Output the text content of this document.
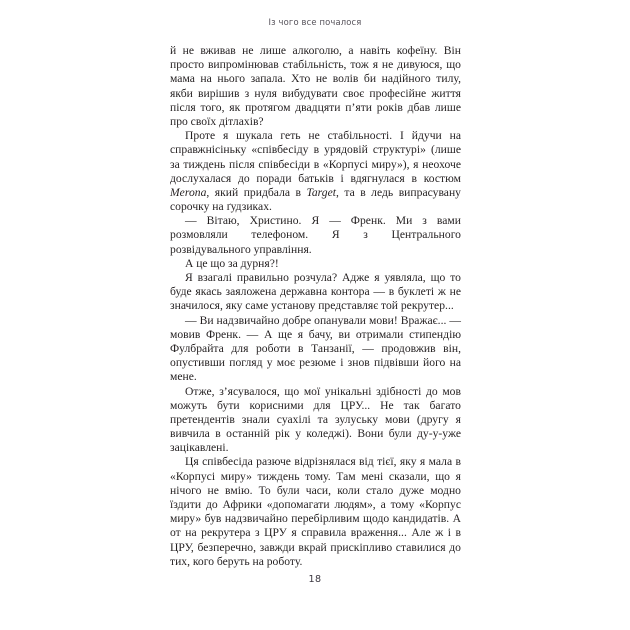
Із чого все почалося

й не вживав не лише алкоголю, а навіть кофеїну. Він просто випромінював стабільність, тож я не дивуюся, що мама на нього запала. Хто не волів би надійного тилу, якби вирішив з нуля вибудувати своє професійне життя після того, як протягом двадцяти п’яти років дбав лише про своїх дітлахів?

Проте я шукала геть не стабільності. І йдучи на справжнісіньку «співбесіду в урядовій структурі» (лише за тиждень після співбесіди в «Корпусі миру»), я неохоче дослухалася до поради батьків і вдягнулася в костюм Merona, який придбала в Target, та в ледь випрасувану сорочку на ґудзиках.

— Вітаю, Христино. Я — Френк. Ми з вами розмовляли телефоном. Я з Центрального розвідувального управління.

А це що за дурня?!

Я взагалі правильно розчула? Адже я уявляла, що то буде якась заяложена державна контора — в буклеті ж не значилося, яку саме установу представляє той рекрутер...

— Ви надзвичайно добре опанували мови! Вражає... — мовив Френк. — А ще я бачу, ви отримали стипендію Фулбрайта для роботи в Танзанії, — продовжив він, опустивши погляд у моє резюме і знов підвівши його на мене.

Отже, з’ясувалося, що мої унікальні здібності до мов можуть бути корисними для ЦРУ... Не так багато претендентів знали суахілі та зулуську мови (другу я вивчила в останній рік у коледжі). Вони були ду-у-уже зацікавлені.

Ця співбесіда разюче відрізнялася від тієї, яку я мала в «Корпусі миру» тиждень тому. Там мені сказали, що я нічого не вмію. То були часи, коли стало дуже модно їздити до Африки «допомагати людям», а тому «Корпус миру» був надзвичайно перебірливим щодо кандидатів. А от на рекрутера з ЦРУ я справила враження... Але ж і в ЦРУ, безперечно, завжди вкрай прискіпливо ставилися до тих, кого беруть на роботу.

18
